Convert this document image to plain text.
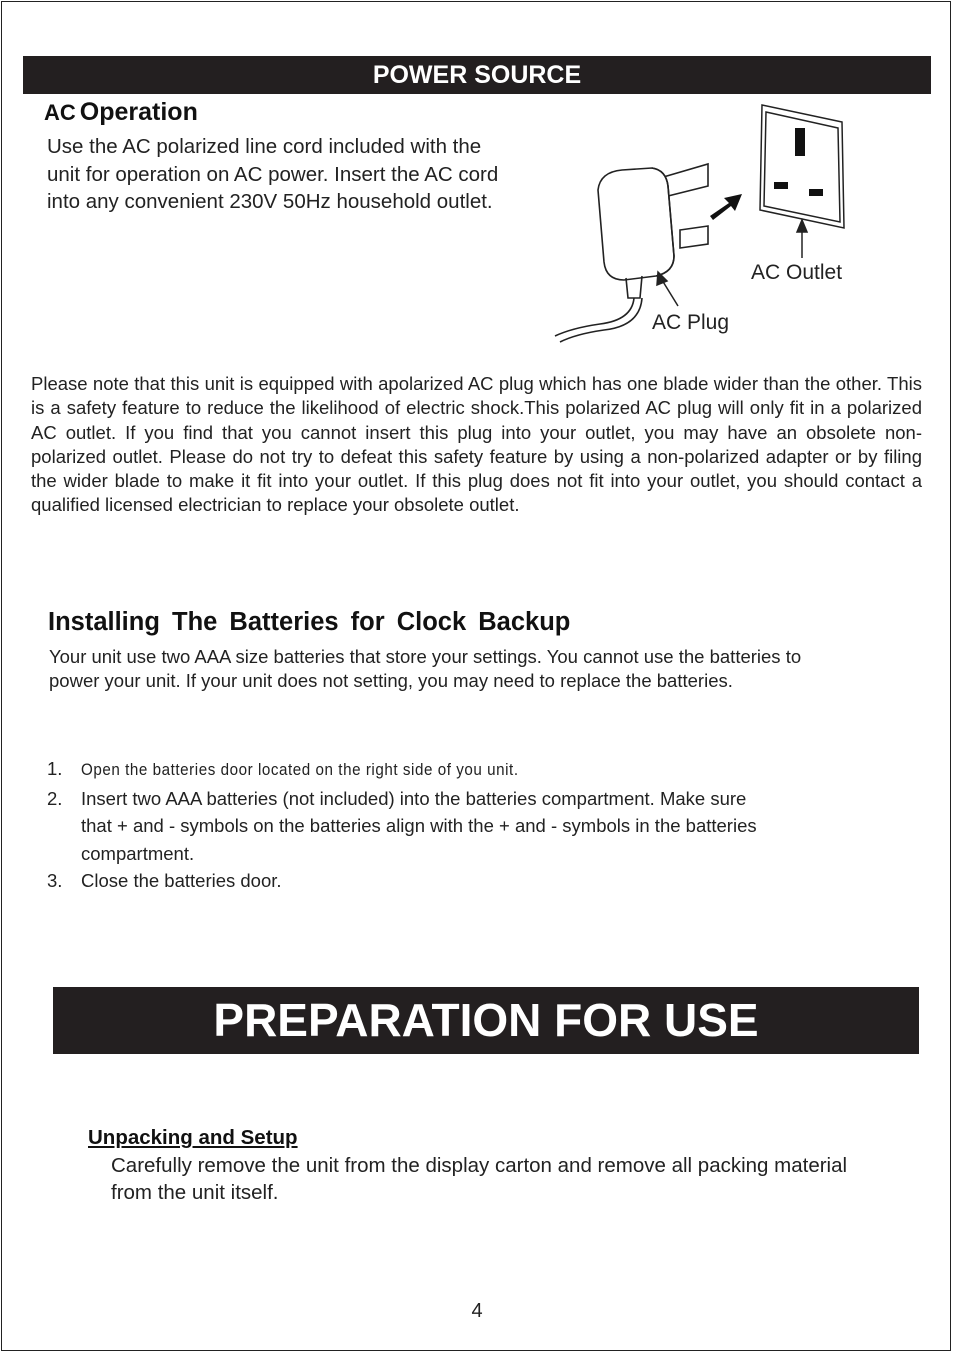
POWER SOURCE
AC Operation
Use the AC polarized line cord included with the unit for operation on AC power. Insert the AC cord into any convenient 230V 50Hz household outlet.
AC Outlet
AC Plug
Please note that this unit is equipped with apolarized AC plug which has one blade wider than the other. This is a safety feature to reduce the likelihood of electric shock.This polarized AC plug will only fit in a polarized AC outlet. If you find that you cannot insert this plug into your outlet, you may have an obsolete non-polarized outlet. Please do not try to defeat this safety feature by using a non-polarized adapter or by filing the wider blade to make it fit into your outlet. If this plug does not fit into your outlet, you should contact a qualified licensed electrician to replace your obsolete outlet.
Installing The Batteries for Clock Backup
Your unit use two AAA size batteries that store your settings. You cannot use the batteries to power your unit. If your unit does not setting, you may need to replace the batteries.
1. Open the batteries door located on the right side of you unit.
2. Insert two AAA batteries (not included) into the batteries compartment. Make sure that + and - symbols on the batteries align with the + and - symbols in the batteries compartment.
3. Close the batteries door.
PREPARATION FOR USE
Unpacking and Setup
Carefully remove the unit from the display carton and remove all packing material from the unit itself.
4
